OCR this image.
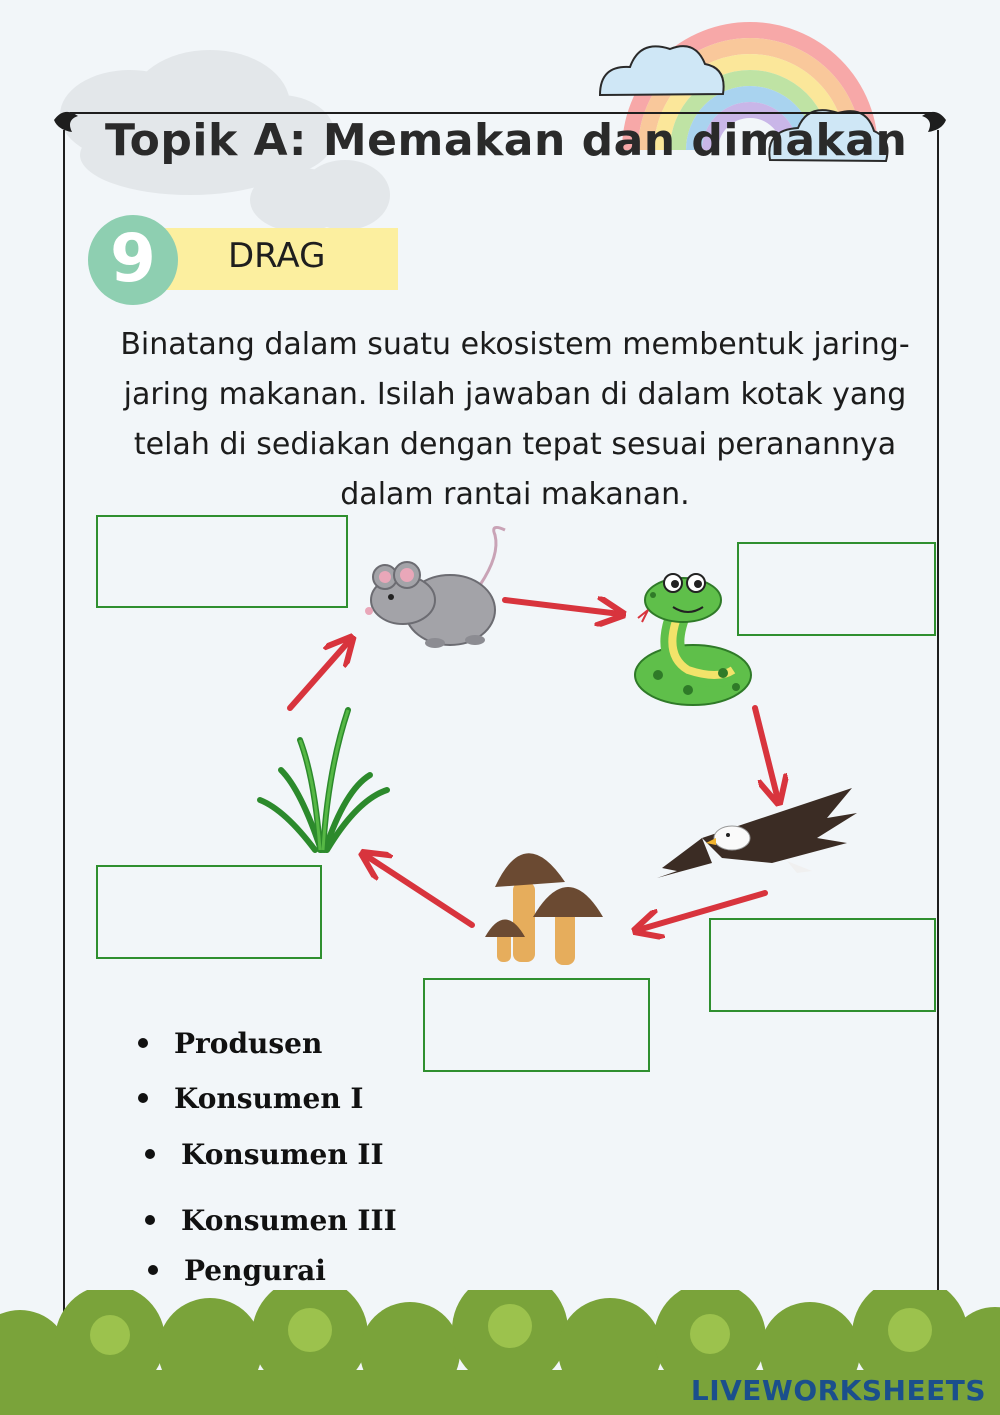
Topik A: Memakan dan dimakan
9	DRAG
Binatang dalam suatu ekosistem membentuk jaring-
jaring makanan. Isilah jawaban di dalam kotak yang
telah di sediakan dengan tepat sesuai peranannya
dalam rantai makanan.
Produsen
Konsumen I
Konsumen II
Konsumen III
Pengurai
LIVEWORKSHEETS
